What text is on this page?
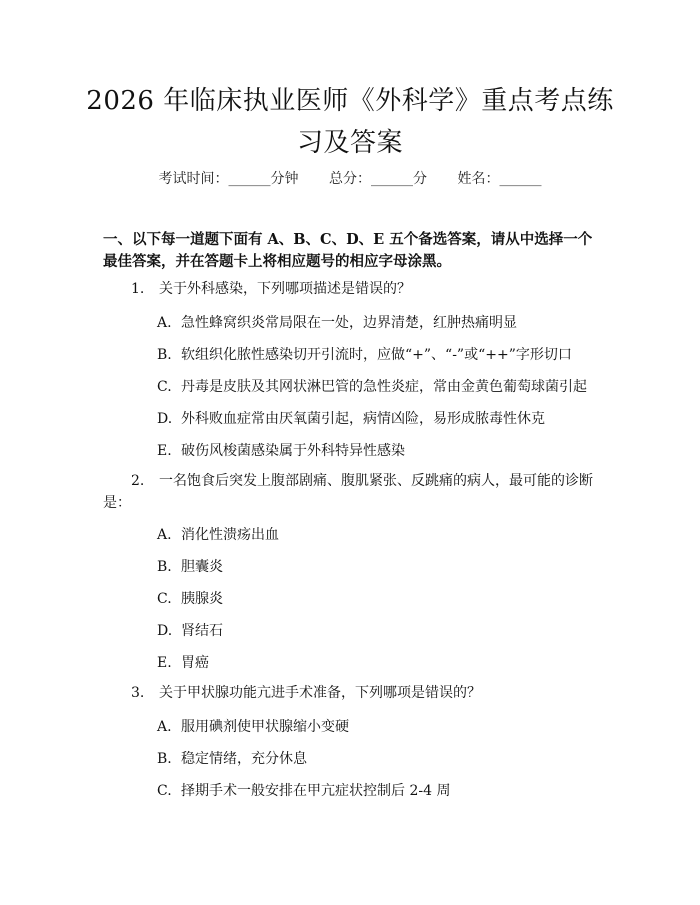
2026 年临床执业医师《外科学》重点考点练
习及答案
考试时间：______分钟 总分：______分 姓名：______
一、以下每一道题下面有 A、B、C、D、E 五个备选答案，请从中选择一个最佳答案，并在答题卡上将相应题号的相应字母涂黑。
1. 关于外科感染，下列哪项描述是错误的？
A. 急性蜂窝织炎常局限在一处，边界清楚，红肿热痛明显
B. 软组织化脓性感染切开引流时，应做“+”、“-”或“++”字形切口
C. 丹毒是皮肤及其网状淋巴管的急性炎症，常由金黄色葡萄球菌引起
D. 外科败血症常由厌氧菌引起，病情凶险，易形成脓毒性休克
E. 破伤风梭菌感染属于外科特异性感染
2. 一名饱食后突发上腹部剧痛、腹肌紧张、反跳痛的病人，最可能的诊断
是：
A. 消化性溃疡出血
B. 胆囊炎
C. 胰腺炎
D. 肾结石
E. 胃癌
3. 关于甲状腺功能亢进手术准备，下列哪项是错误的？
A. 服用碘剂使甲状腺缩小变硬
B. 稳定情绪，充分休息
C. 择期手术一般安排在甲亢症状控制后 2-4 周
